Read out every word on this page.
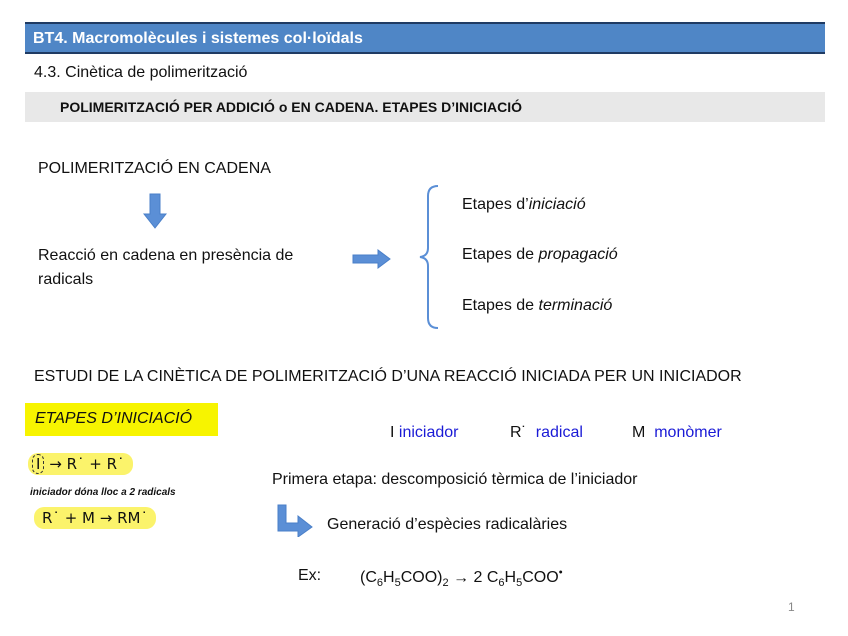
BT4. Macromolècules i sistemes col·loïdals
4.3. Cinètica de polimerització
POLIMERITZACIÓ PER ADDICIÓ o EN CADENA. ETAPES D’INICIACIÓ
POLIMERITZACIÓ EN CADENA
Reacció en cadena en presència de radicals
Etapes d’iniciació
Etapes de propagació
Etapes de terminació
ESTUDI DE LA CINÈTICA DE POLIMERITZACIÓ D’UNA REACCIÓ INICIADA PER UN INICIADOR
ETAPES D’INICIACIÓ
I iniciador	R˙ radical	M monòmer
I → R˙ + R˙
iniciador dóna lloc a 2 radicals
R˙ + M → RM˙
Primera etapa: descomposició tèrmica de l’iniciador
Generació d’espècies radicalàries
Ex: $(C_6H_5COO)_2 \to 2$ $C_6H_5COO^•$
1
